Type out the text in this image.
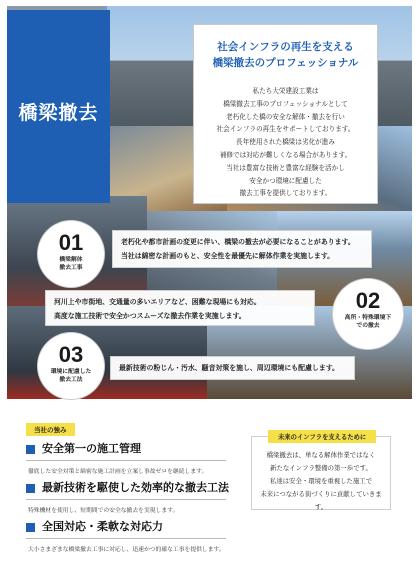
橋梁撤去
社会インフラの再生を支える
橋梁撤去のプロフェッショナル
私たち大栄建設工業は
橋梁撤去工事のプロフェッショナルとして
老朽化した橋の安全な解体・撤去を行い
社会インフラの再生をサポートしております。
長年使用された橋梁は劣化が進み
補修では対応が難しくなる場合があります。
当社は豊富な技術と豊富な経験を活かし
安全かつ環境に配慮した
撤去工事を提供しております。
01
橋梁解体
撤去工事
老朽化や都市計画の変更に伴い、橋梁の撤去が必要になることがあります。
当社は綿密な計画のもと、安全性を最優先に解体作業を実施します。
河川上や市街地、交通量の多いエリアなど、困難な現場にも対応。
高度な施工技術で安全かつスムーズな撤去作業を実施します。
02
高所・特殊環境下
での撤去
03
環境に配慮した
撤去工法
最新技術の粉じん・汚水、騒音対策を施し、周辺環境にも配慮します。
当社の強み
安全第一の施工管理
徹底した安全対策と綿密な施工計画を立案し事故ゼロを継続します。
最新技術を駆使した効率的な撤去工法
特殊機材を使用し、短期間での安全な撤去を実現します。
全国対応・柔軟な対応力
大小さまざまな橋梁撤去工事に対応し、迅速かつ的確な工事を提供します。
未来のインフラを支えるために
橋梁撤去は、単なる解体作業ではなく
新たなインフラ整備の第一歩です。
私達は安全・環境を重視した施工で
未来につながる街づくりに貢献していきます。
